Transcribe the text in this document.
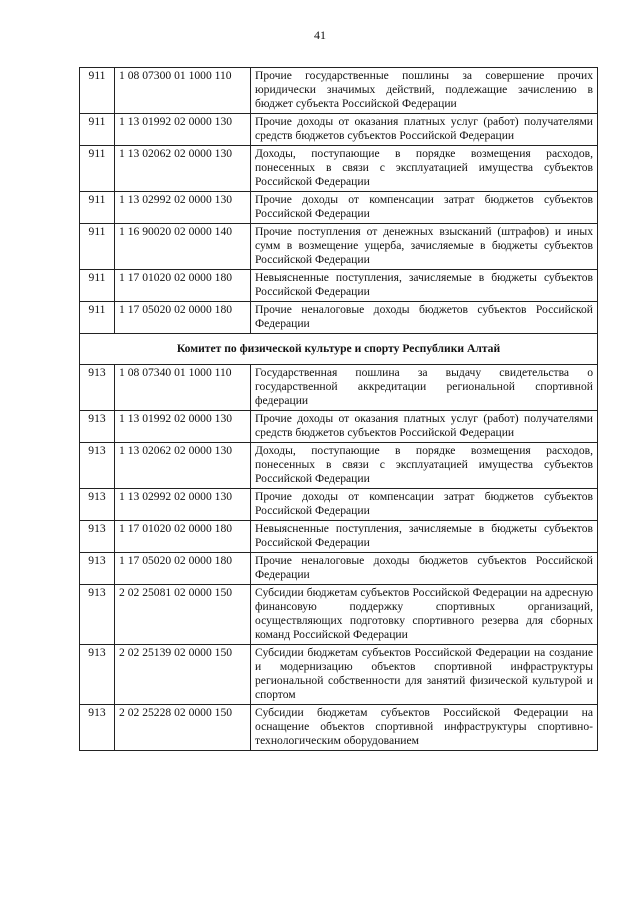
41
911	1 08 07300 01 1000 110	Прочие государственные пошлины за совершение прочих юридически значимых действий, подлежащие зачислению в бюджет субъекта Российской Федерации
911	1 13 01992 02 0000 130	Прочие доходы от оказания платных услуг (работ) получателями средств бюджетов субъектов Российской Федерации
911	1 13 02062 02 0000 130	Доходы, поступающие в порядке возмещения расходов, понесенных в связи с эксплуатацией имущества субъектов Российской Федерации
911	1 13 02992 02 0000 130	Прочие доходы от компенсации затрат бюджетов субъектов Российской Федерации
911	1 16 90020 02 0000 140	Прочие поступления от денежных взысканий (штрафов) и иных сумм в возмещение ущерба, зачисляемые в бюджеты субъектов Российской Федерации
911	1 17 01020 02 0000 180	Невыясненные поступления, зачисляемые в бюджеты субъектов Российской Федерации
911	1 17 05020 02 0000 180	Прочие неналоговые доходы бюджетов субъектов Российской Федерации
Комитет по физической культуре и спорту Республики Алтай		
913	1 08 07340 01 1000 110	Государственная пошлина за выдачу свидетельства о государственной аккредитации региональной спортивной федерации
913	1 13 01992 02 0000 130	Прочие доходы от оказания платных услуг (работ) получателями средств бюджетов субъектов Российской Федерации
913	1 13 02062 02 0000 130	Доходы, поступающие в порядке возмещения расходов, понесенных в связи с эксплуатацией имущества субъектов Российской Федерации
913	1 13 02992 02 0000 130	Прочие доходы от компенсации затрат бюджетов субъектов Российской Федерации
913	1 17 01020 02 0000 180	Невыясненные поступления, зачисляемые в бюджеты субъектов Российской Федерации
913	1 17 05020 02 0000 180	Прочие неналоговые доходы бюджетов субъектов Российской Федерации
913	2 02 25081 02 0000 150	Субсидии бюджетам субъектов Российской Федерации на адресную финансовую поддержку спортивных организаций, осуществляющих подготовку спортивного резерва для сборных команд Российской Федерации
913	2 02 25139 02 0000 150	Субсидии бюджетам субъектов Российской Федерации на создание и модернизацию объектов спортивной инфраструктуры региональной собственности для занятий физической культурой и спортом
913	2 02 25228 02 0000 150	Субсидии бюджетам субъектов Российской Федерации на оснащение объектов спортивной инфраструктуры спортивно-технологическим оборудованием
